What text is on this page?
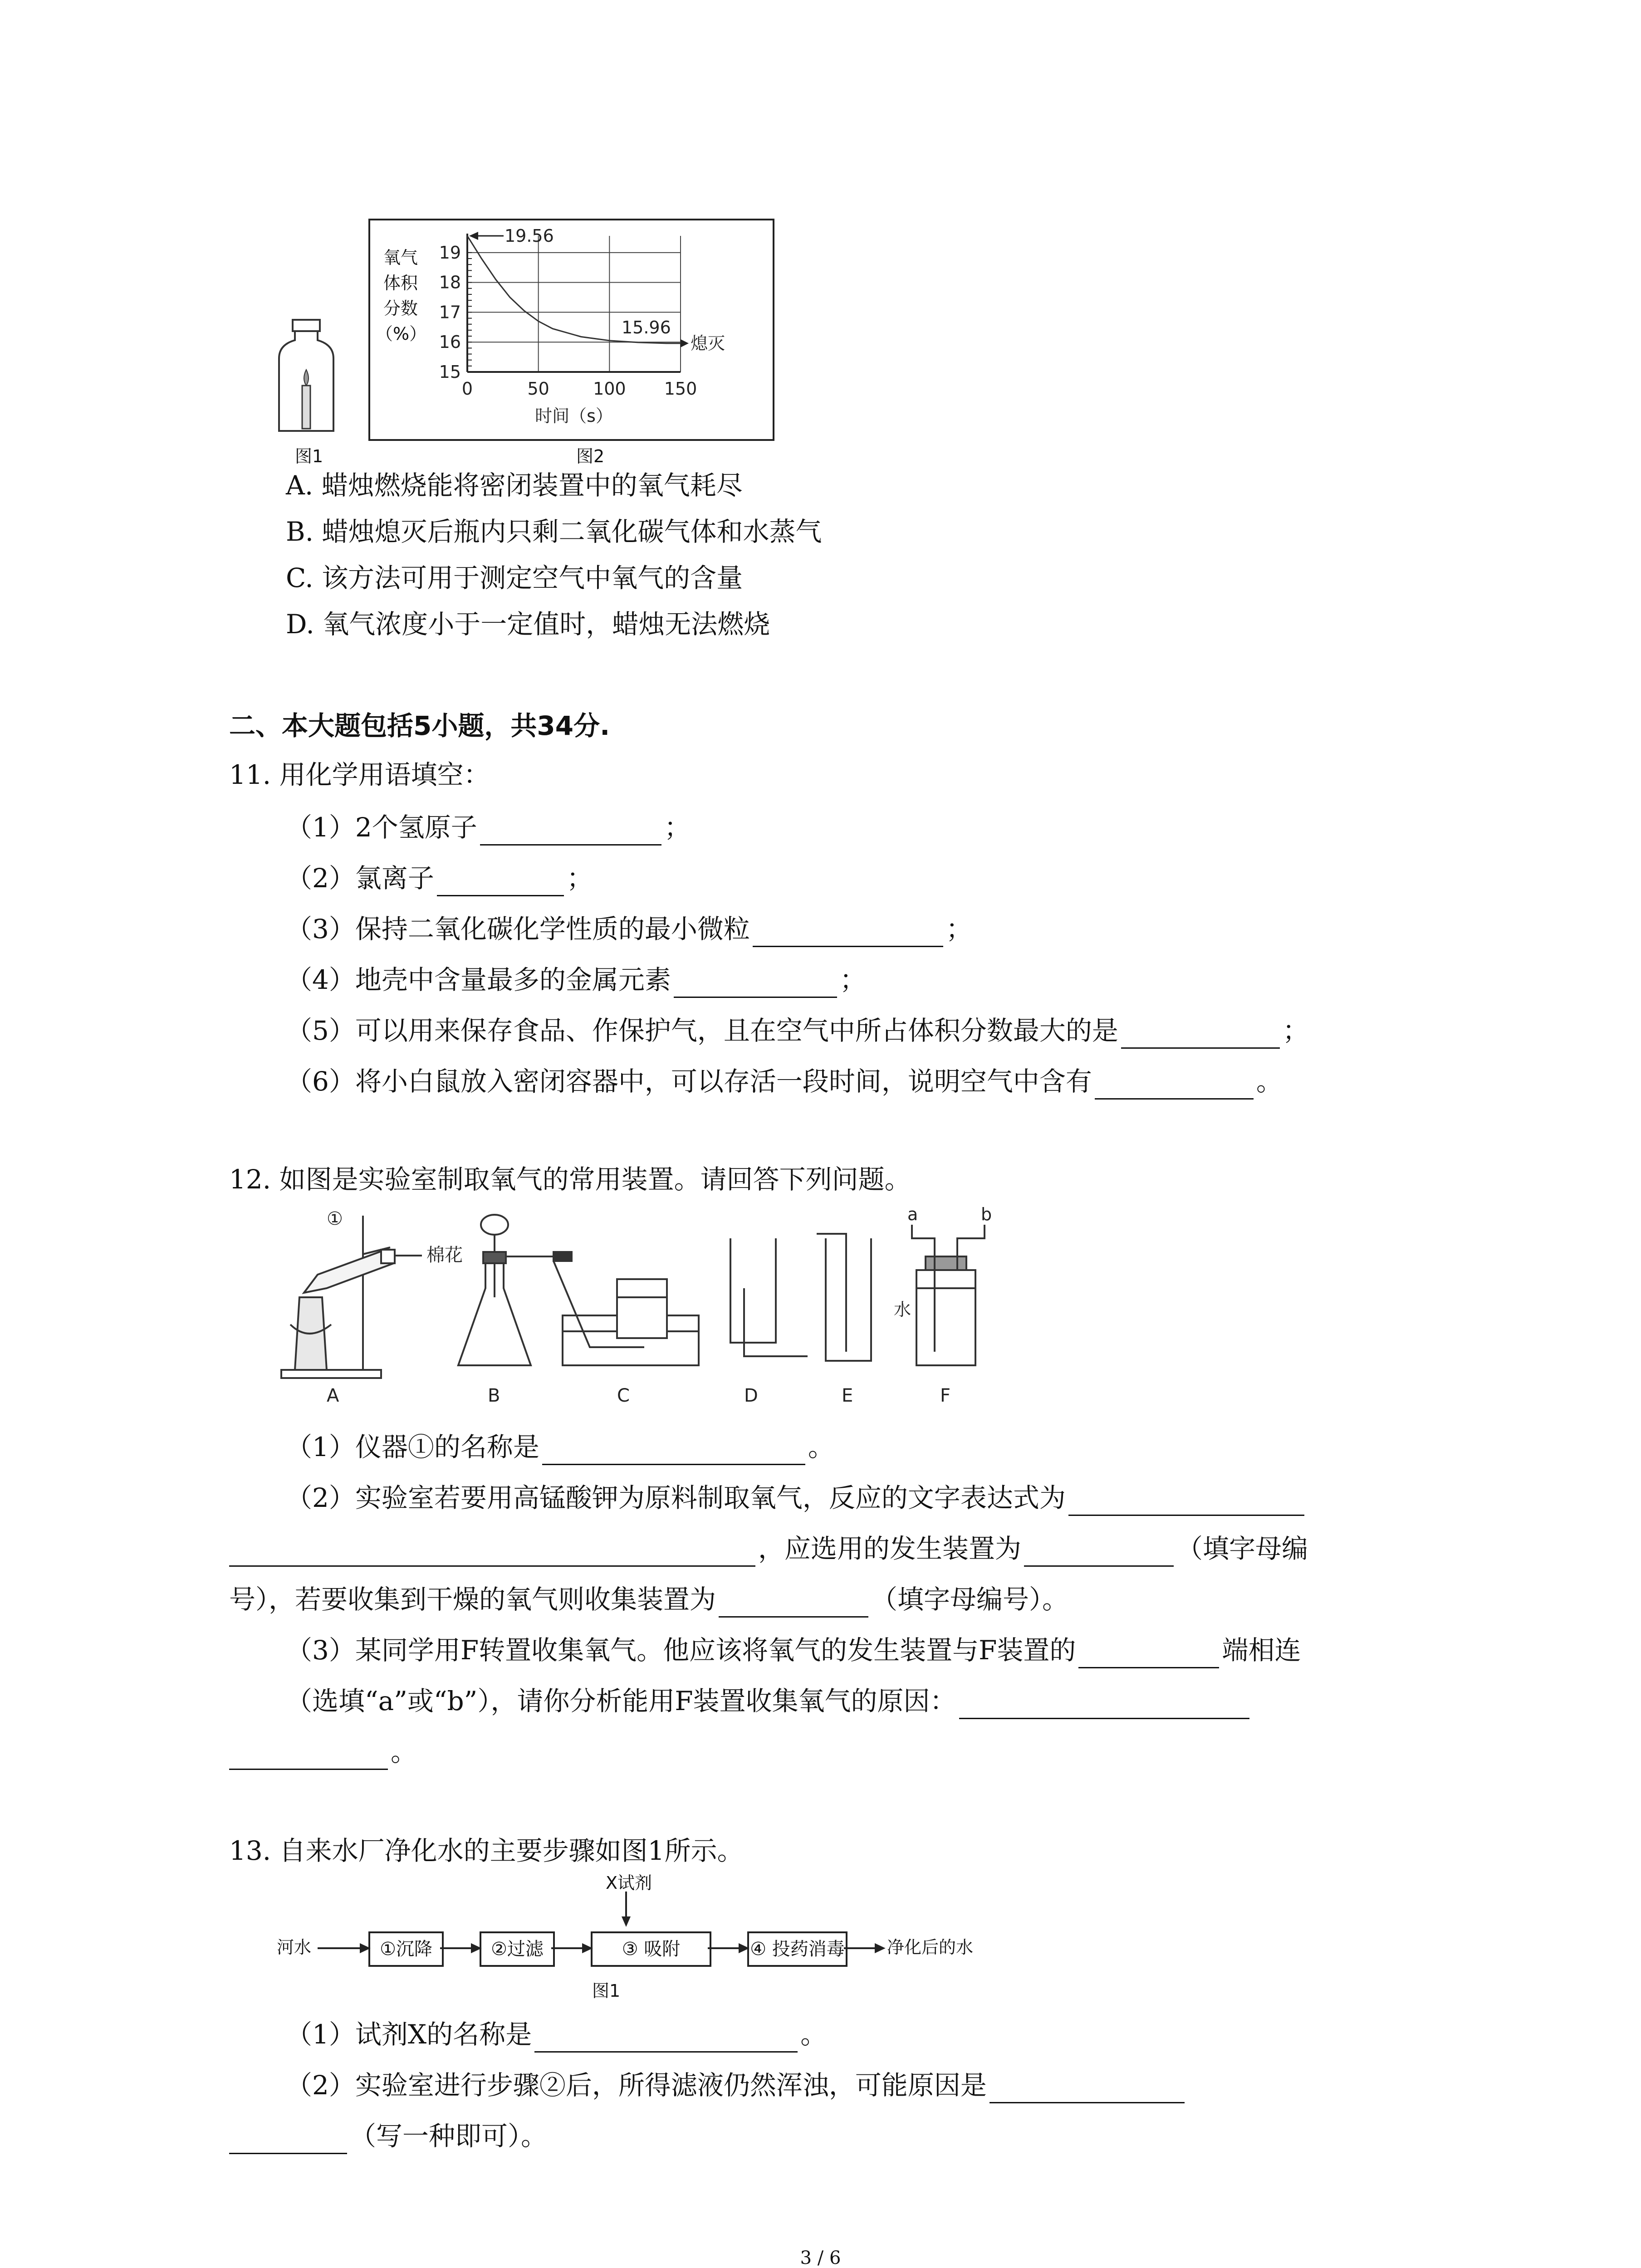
图1
氧气
体积
分数
（%）
0	50	100 150
15
16
17
18
19
19.56
15.96
熄灭
时间（s）
图2
A. 蜡烛燃烧能将密闭装置中的氧气耗尽
B. 蜡烛熄灭后瓶内只剩二氧化碳气体和水蒸气
C. 该方法可用于测定空气中氧气的含量
D. 氧气浓度小于一定值时，蜡烛无法燃烧
二、本大题包括5小题，共34分.
11. 用化学用语填空：
（1）2个氢原子	；
（2）氯离子	；
（3）保持二氧化碳化学性质的最小微粒	；
（4）地壳中含量最多的金属元素	；
（5）可以用来保存食品、作保护气，且在空气中所占体积分数最大的是	；
（6）将小白鼠放入密闭容器中，可以存活一段时间，说明空气中含有	。
12. 如图是实验室制取氧气的常用装置。请回答下列问题。
①
棉花
a	b
水
A	B	C	D	E	F
（1）仪器①的名称是	。
（2）实验室若要用高锰酸钾为原料制取氧气，反应的文字表达式为
，应选用的发生装置为	（填字母编
号），若要收集到干燥的氧气则收集装置为	（填字母编号）。
（3）某同学用F转置收集氧气。他应该将氧气的发生装置与F装置的	端相连
（选填“a”或“b”），请你分析能用F装置收集氧气的原因：
。
13. 自来水厂净化水的主要步骤如图1所示。
X试剂
河水	①沉降	②过滤	③ 吸附	④ 投药消毒 净化后的水
图1
（1）试剂X的名称是	。
（2）实验室进行步骤②后，所得滤液仍然浑浊，可能原因是
（写一种即可）。
3 / 6
